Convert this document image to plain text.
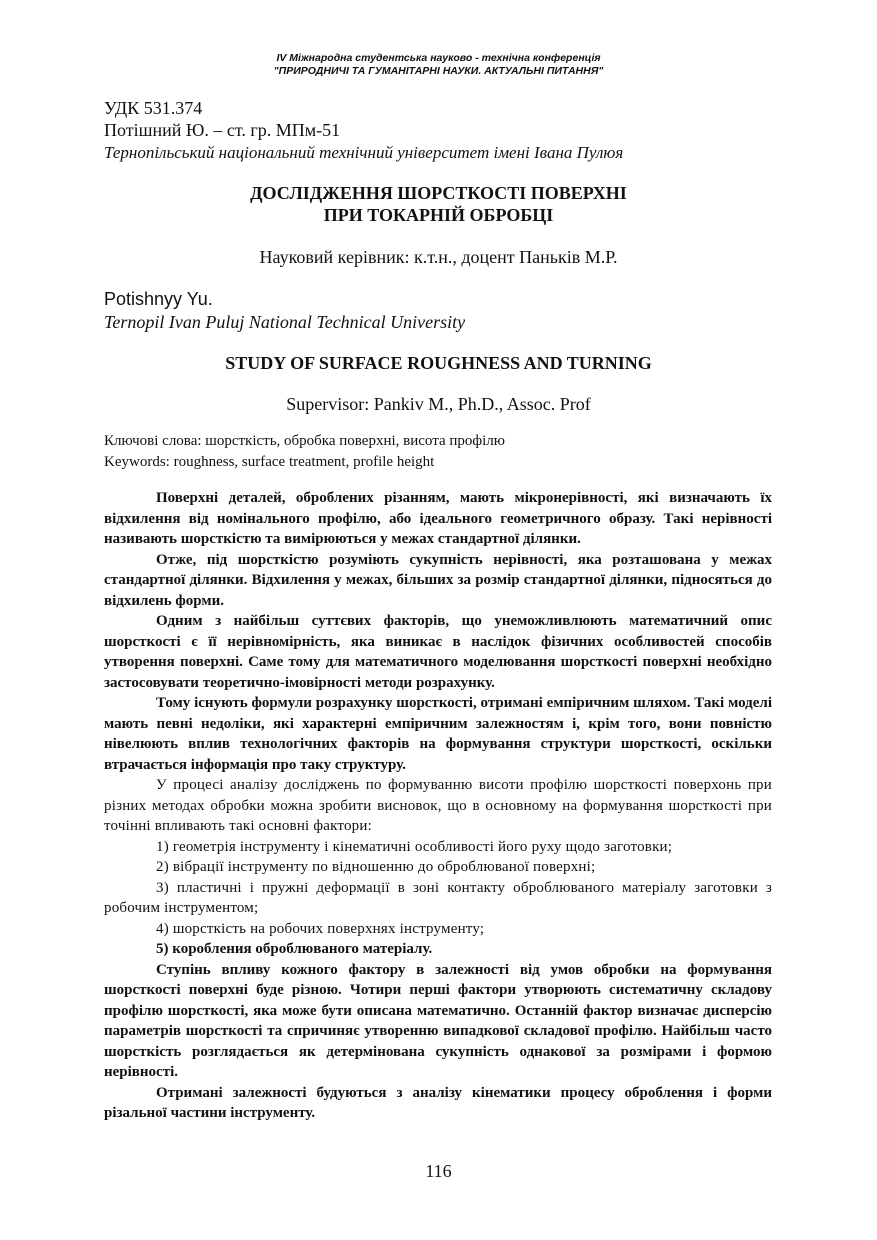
IV Міжнародна студентська науково - технічна конференція
"ПРИРОДНИЧІ ТА ГУМАНІТАРНІ НАУКИ. АКТУАЛЬНІ ПИТАННЯ"
УДК 531.374
Потішний Ю. – ст. гр. МПм-51
Тернопільський національний технічний університет імені Івана Пулюя
ДОСЛІДЖЕННЯ ШОРСТКОСТІ ПОВЕРХНІ
ПРИ ТОКАРНІЙ ОБРОБЦІ
Науковий керівник: к.т.н., доцент Паньків М.Р.
Potishnyy Yu.
Ternopil Ivan Puluj National Technical University
STUDY OF SURFACE ROUGHNESS AND TURNING
Supervisor: Pankiv M., Ph.D., Assoc. Prof
Ключові слова: шорсткість, обробка поверхні, висота профілю
Keywords: roughness, surface treatment, profile height

Поверхні деталей, оброблених різанням, мають мікронерівності, які визначають їх відхилення від номінального профілю, або ідеального геометричного образу. Такі нерівності називають шорсткістю та вимірюються у межах стандартної ділянки.

Отже, під шорсткістю розуміють сукупність нерівності, яка розташована у межах стандартної ділянки. Відхилення у межах, більших за розмір стандартної ділянки, підносяться до відхилень форми.

Одним з найбільш суттєвих факторів, що унеможливлюють математичний опис шорсткості є її нерівномірність, яка виникає в наслідок фізичних особливостей способів утворення поверхні. Саме тому для математичного моделювання шорсткості поверхні необхідно застосовувати теоретично-імовірності методи розрахунку.

Тому існують формули розрахунку шорсткості, отримані емпіричним шляхом. Такі моделі мають певні недоліки, які характерні емпіричним залежностям і, крім того, вони повністю нівелюють вплив технологічних факторів на формування структури шорсткості, оскільки втрачається інформація про таку структуру.

У процесі аналізу досліджень по формуванню висоти профілю шорсткості поверхонь при різних методах обробки можна зробити висновок, що в основному на формування шорсткості при точінні впливають такі основні фактори:

1) геометрія інструменту і кінематичні особливості його руху щодо заготовки;

2) вібрації інструменту по відношенню до оброблюваної поверхні;

3) пластичні і пружні деформації в зоні контакту оброблюваного матеріалу заготовки з робочим інструментом;

4) шорсткість на робочих поверхнях інструменту;

5) коробления оброблюваного матеріалу.

Ступінь впливу кожного фактору в залежності від умов обробки на формування шорсткості поверхні буде різною. Чотири перші фактори утворюють систематичну складову профілю шорсткості, яка може бути описана математично. Останній фактор визначає дисперсію параметрів шорсткості та спричиняє утворенню випадкової складової профілю. Найбільш часто шорсткість розглядається як детермінована сукупність однакової за розмірами і формою нерівності.

Отримані залежності будуються з аналізу кінематики процесу оброблення і форми різальної частини інструменту.

116
